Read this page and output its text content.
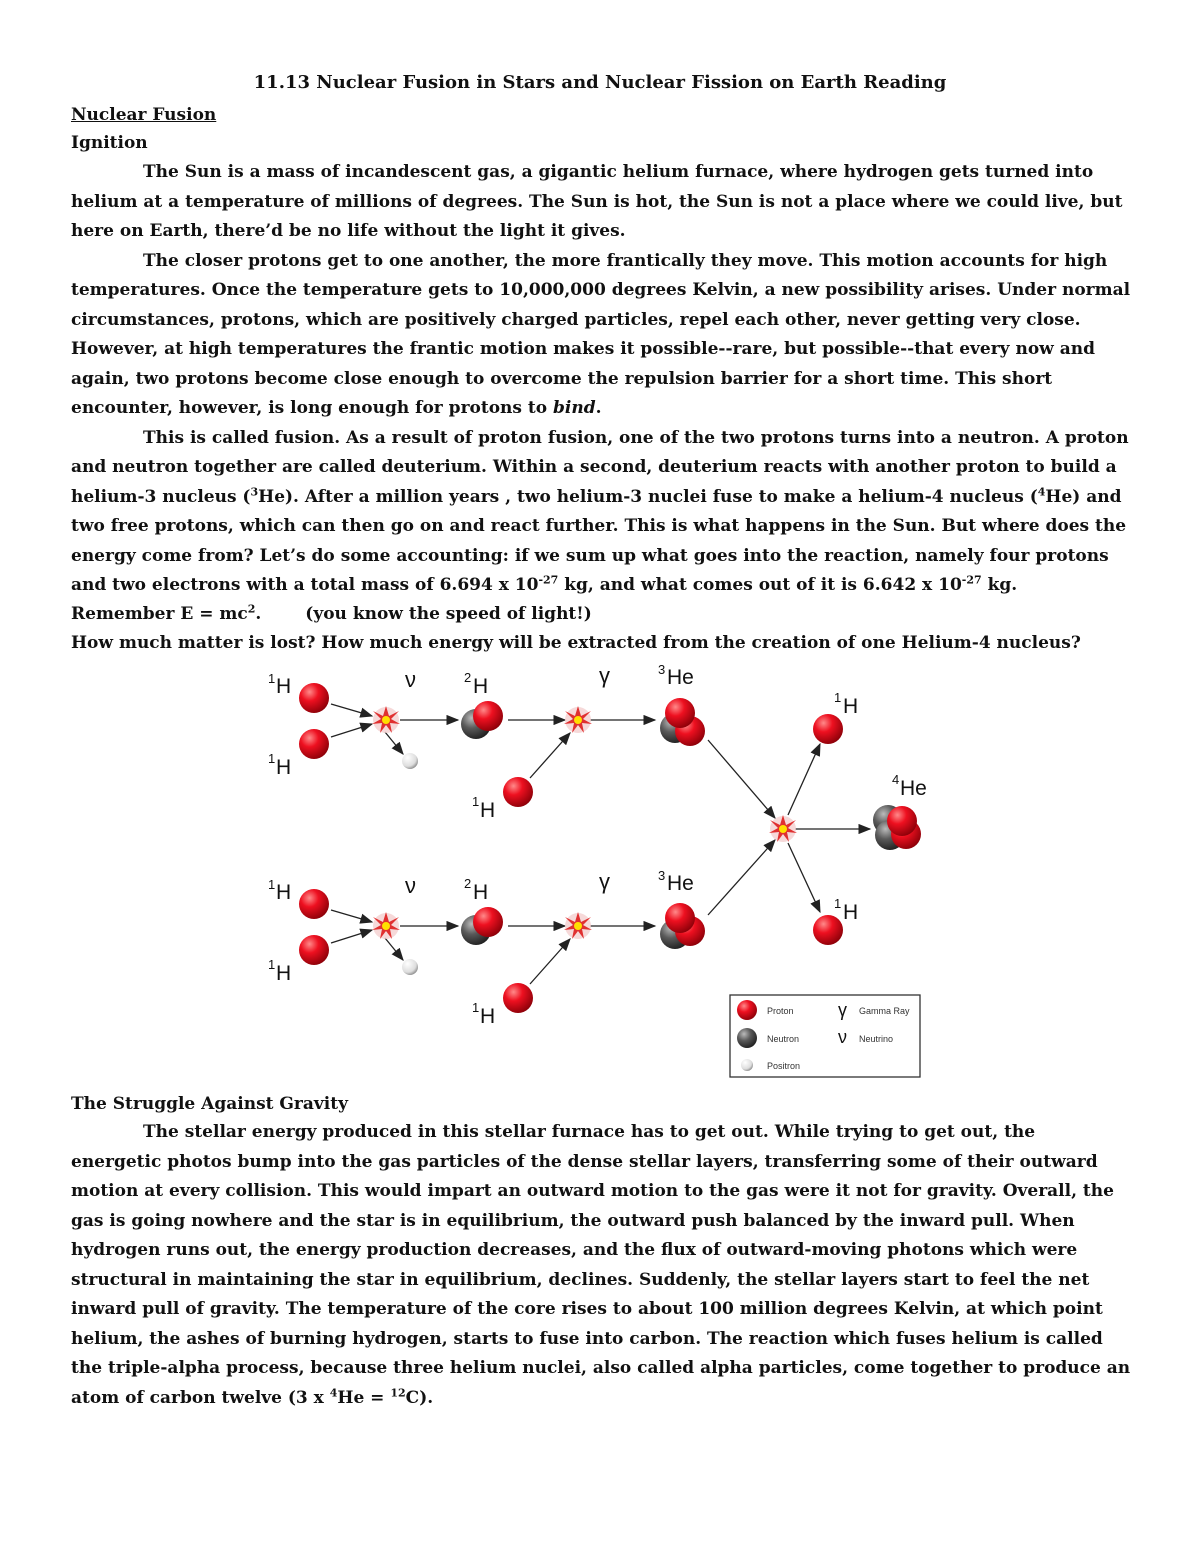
11.13 Nuclear Fusion in Stars and Nuclear Fission on Earth Reading
Nuclear Fusion
Ignition

The Sun is a mass of incandescent gas, a gigantic helium furnace, where hydrogen gets turned into helium at a temperature of millions of degrees. The Sun is hot, the Sun is not a place where we could live, but here on Earth, there’d be no life without the light it gives.

The closer protons get to one another, the more frantically they move. This motion accounts for high temperatures. Once the temperature gets to 10,000,000 degrees Kelvin, a new possibility arises. Under normal circumstances, protons, which are positively charged particles, repel each other, never getting very close. However, at high temperatures the frantic motion makes it possible--rare, but possible--that every now and again, two protons become close enough to overcome the repulsion barrier for a short time. This short encounter, however, is long enough for protons to bind.

This is called fusion. As a result of proton fusion, one of the two protons turns into a neutron. A proton and neutron together are called deuterium. Within a second, deuterium reacts with another proton to build a helium-3 nucleus ($^3$He). After a million years , two helium-3 nuclei fuse to make a helium-4 nucleus ($^4$He) and two free protons, which can then go on and react further. This is what happens in the Sun. But where does the energy come from? Let’s do some accounting: if we sum up what goes into the reaction, namely four protons and two electrons with a total mass of 6.694 x $10^{-27}$ kg, and what comes out of it is 6.642 x $10^{-27}$ kg.

Remember $E = mc^2$.	(you know the speed of light!)
How much matter is lost? How much energy will be extracted from the creation of one Helium-4 nucleus?
1 H
1 H
ν	2 H	γ	3 He
1 H
1 H
4 He
1 H
1 H
ν	2 H	γ	3 He
1 H
1 H
Proton
Neutron
Positron
γ Gamma Ray
ν Neutrino
The Struggle Against Gravity

The stellar energy produced in this stellar furnace has to get out. While trying to get out, the energetic photos bump into the gas particles of the dense stellar layers, transferring some of their outward motion at every collision. This would impart an outward motion to the gas were it not for gravity. Overall, the gas is going nowhere and the star is in equilibrium, the outward push balanced by the inward pull. When hydrogen runs out, the energy production decreases, and the flux of outward-moving photons which were structural in maintaining the star in equilibrium, declines. Suddenly, the stellar layers start to feel the net inward pull of gravity. The temperature of the core rises to about 100 million degrees Kelvin, at which point helium, the ashes of burning hydrogen, starts to fuse into carbon. The reaction which fuses helium is called the triple-alpha process, because three helium nuclei, also called alpha particles, come together to produce an atom of carbon twelve (3 x $^4$He = $^{12}$C).
